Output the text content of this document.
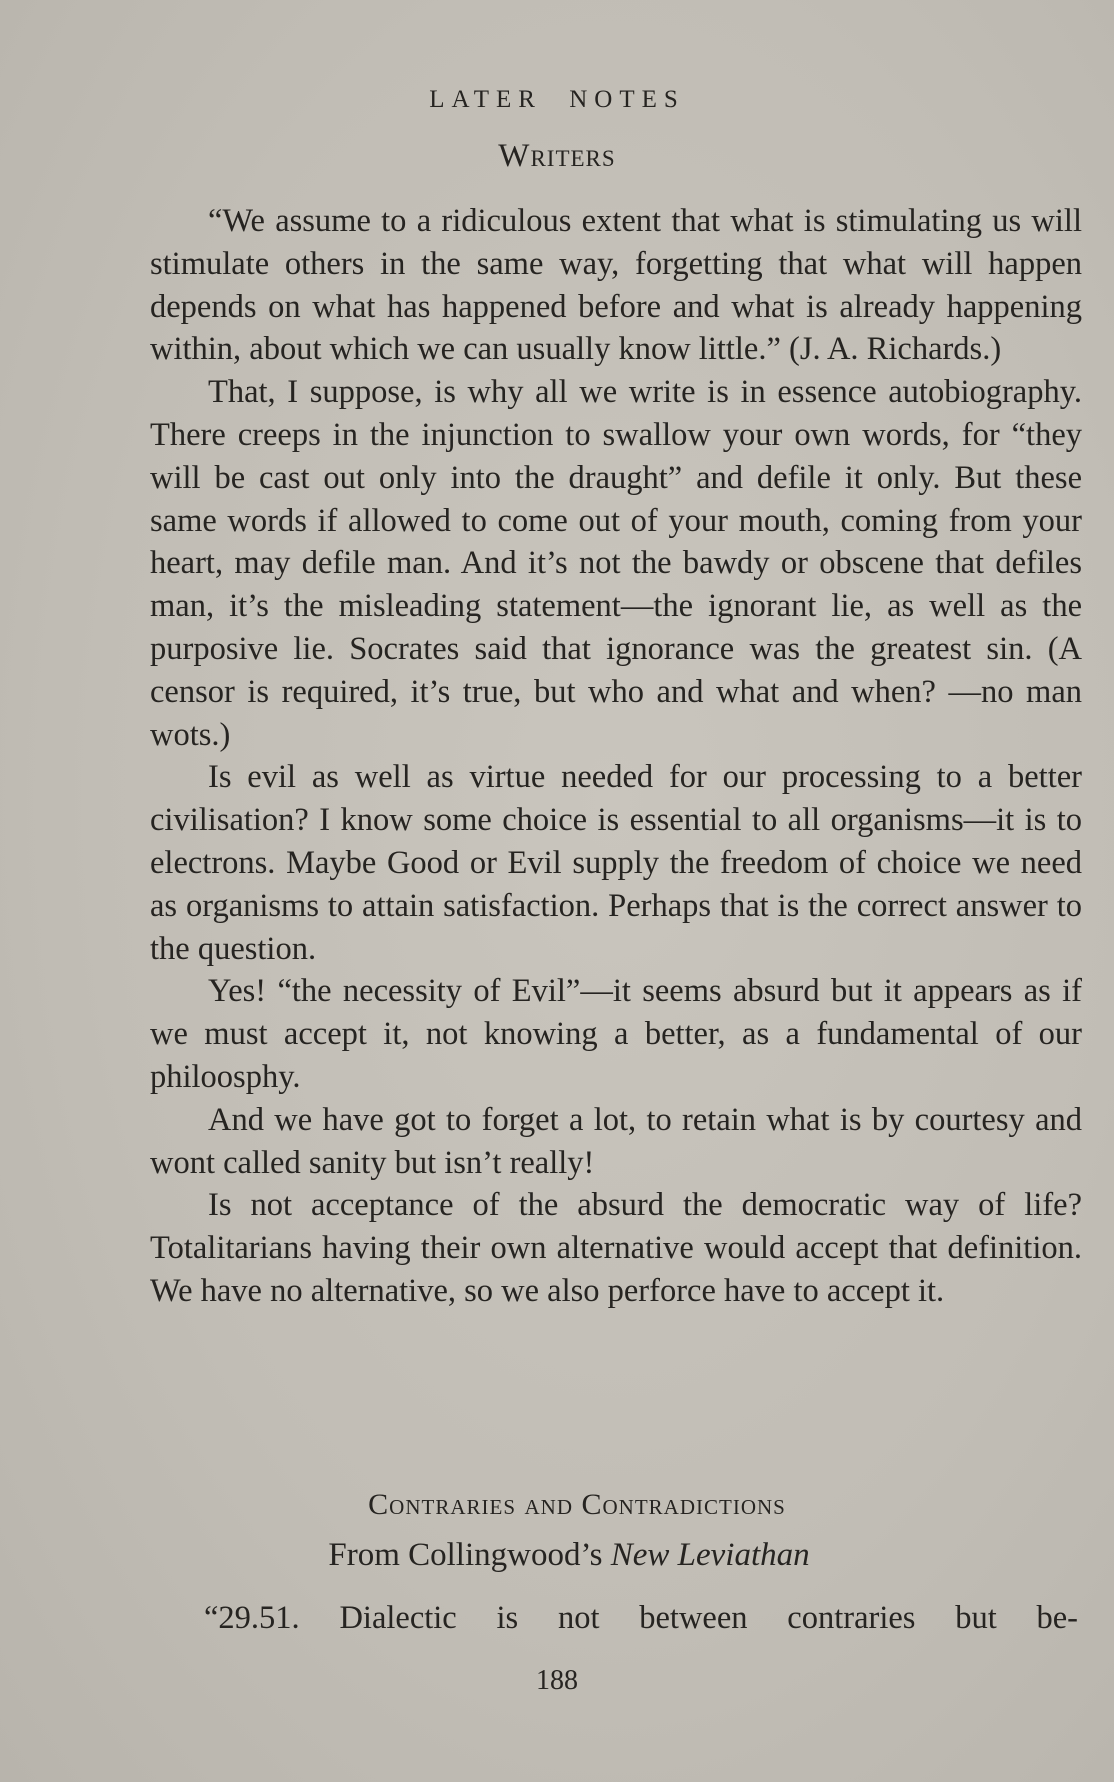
LATER NOTES
Writers

“We assume to a ridiculous extent that what is stimulating us will stimulate others in the same way, forgetting that what will happen depends on what has happened before and what is already happening within, about which we can usually know little.” (J. A. Richards.)

That, I suppose, is why all we write is in essence autobiography. There creeps in the injunction to swallow your own words, for “they will be cast out only into the draught” and defile it only. But these same words if allowed to come out of your mouth, coming from your heart, may defile man. And it’s not the bawdy or obscene that defiles man, it’s the misleading statement—the ignorant lie, as well as the purposive lie. Socrates said that ignorance was the greatest sin. (A censor is required, it’s true, but who and what and when? —no man wots.)

Is evil as well as virtue needed for our processing to a better civilisation? I know some choice is essential to all organisms—it is to electrons. Maybe Good or Evil supply the freedom of choice we need as organisms to attain satisfaction. Perhaps that is the correct answer to the question.

Yes! “the necessity of Evil”—it seems absurd but it appears as if we must accept it, not knowing a better, as a fundamental of our philoosphy.

And we have got to forget a lot, to retain what is by courtesy and wont called sanity but isn’t really!

Is not acceptance of the absurd the democratic way of life? Totalitarians having their own alternative would accept that definition. We have no alternative, so we also perforce have to accept it.

Contraries and Contradictions
From Collingwood’s New Leviathan
“29.51. Dialectic is not between contraries but be-
188
